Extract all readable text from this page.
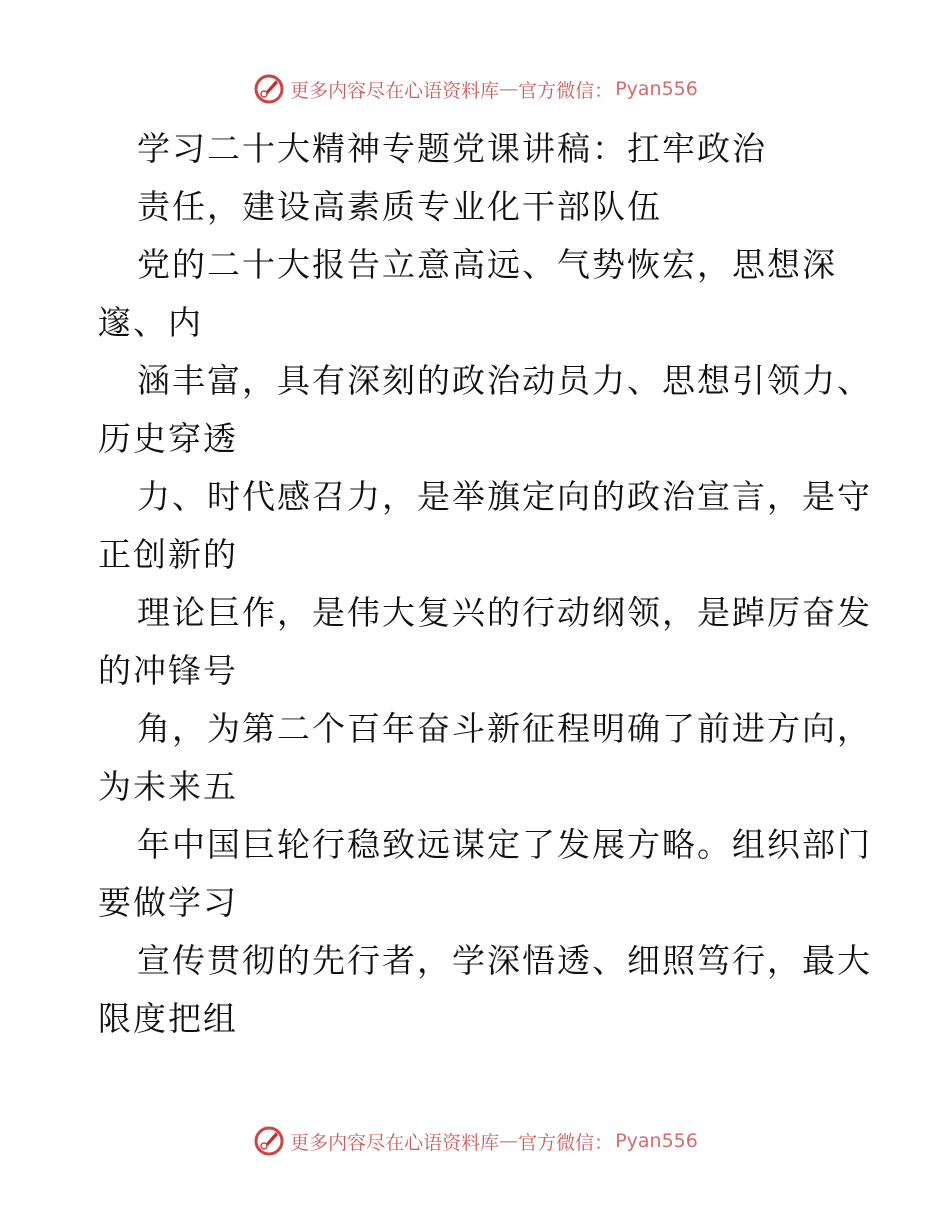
更多内容尽在心语资料库 — 官方微信： Pyan556
学习二十大精神专题党课讲稿：扛牢政治
责任，建设高素质专业化干部队伍
党的二十大报告立意高远、气势恢宏，思想深
邃、内
涵丰富，具有深刻的政治动员力、思想引领力、
历史穿透
力、时代感召力，是举旗定向的政治宣言，是守
正创新的
理论巨作，是伟大复兴的行动纲领，是踔厉奋发
的冲锋号
角，为第二个百年奋斗新征程明确了前进方向，
为未来五
年中国巨轮行稳致远谋定了发展方略。组织部门
要做学习
宣传贯彻的先行者，学深悟透、细照笃行，最大
限度把组
更多内容尽在心语资料库 — 官方微信： Pyan556
